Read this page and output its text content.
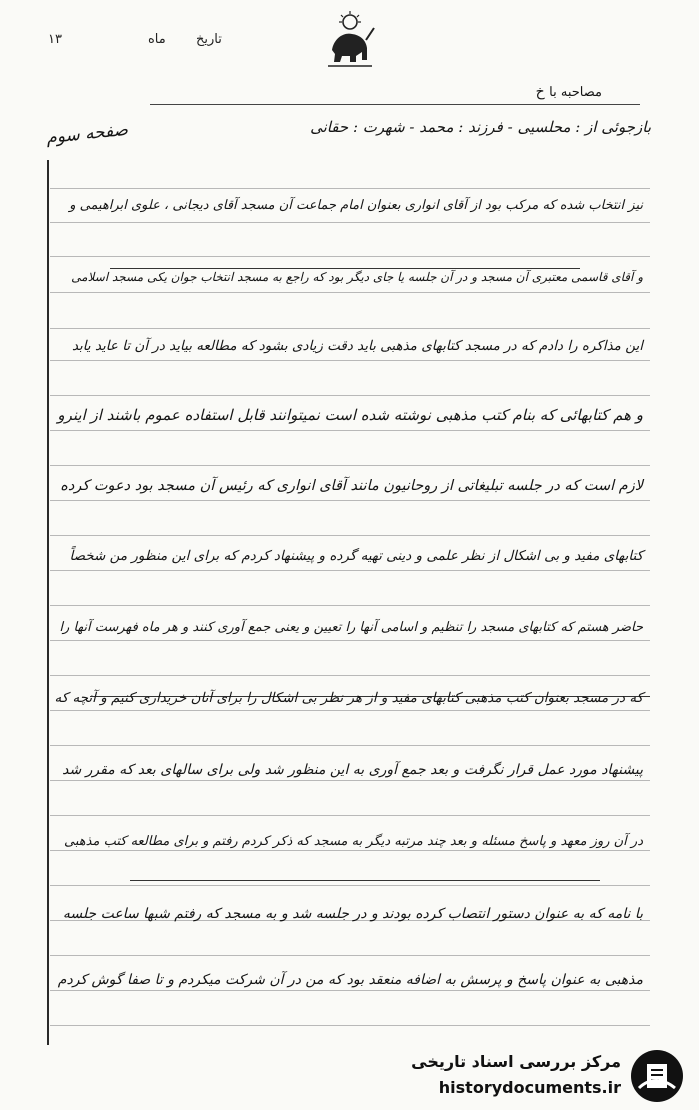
۱۳	ماه تاریخ
مصاحبه با خ
بازجوئی از : محلسیی - فرزند : محمد - شهرت : حقانی
صفحه سوم
نیز انتخاب شده که مرکب بود از آقای انواری بعنوان امام جماعت آن مسجد آقای دیجانی ، علوی ابراهیمی و
و آقای قاسمی معتبری آن مسجد و در آن جلسه یا جای دیگر بود که راجع به مسجد انتخاب جوان یکی مسجد اسلامی
این مذاکره را دادم که در مسجد کتابهای مذهبی باید دقت زیادی بشود که مطالعه بیاید در آن تا عاید یابد
و هم کتابهائی که بنام کتب مذهبی نوشته شده است نمیتوانند قابل استفاده عموم باشند از اینرو
لازم است که در جلسه تبلیغاتی از روحانیون مانند آقای انواری که رئیس آن مسجد بود دعوت کرده
کتابهای مفید و بی اشکال از نظر علمی و دینی تهیه گرده و پیشنهاد کردم که برای این منظور من شخصاً
حاضر هستم که کتابهای مسجد را تنظیم و اسامی آنها را تعیین و یعنی جمع آوری کنند و هر ماه فهرست آنها را
که در مسجد بعنوان کتب مذهبی کتابهای مفید و از هر نظر بی اشکال را برای آنان خریداری کنیم و آنچه که
پیشنهاد مورد عمل قرار نگرفت و بعد جمع آوری به این منظور شد ولی برای سالهای بعد که مقرر شد
در آن روز معهد و پاسخ مسئله و بعد چند مرتبه دیگر به مسجد که ذکر کردم رفتم و برای مطالعه کتب مذهبی
با نامه که به عنوان دستور انتصاب کرده بودند و در جلسه شد و به مسجد که رفتم شبها ساعت جلسه
مذهبی به عنوان پاسخ و پرسش به اضافه منعقد بود که من در آن شرکت میکردم و تا صفا گوش کردم
مرکز بررسی اسناد تاریخی
historydocuments.ir
